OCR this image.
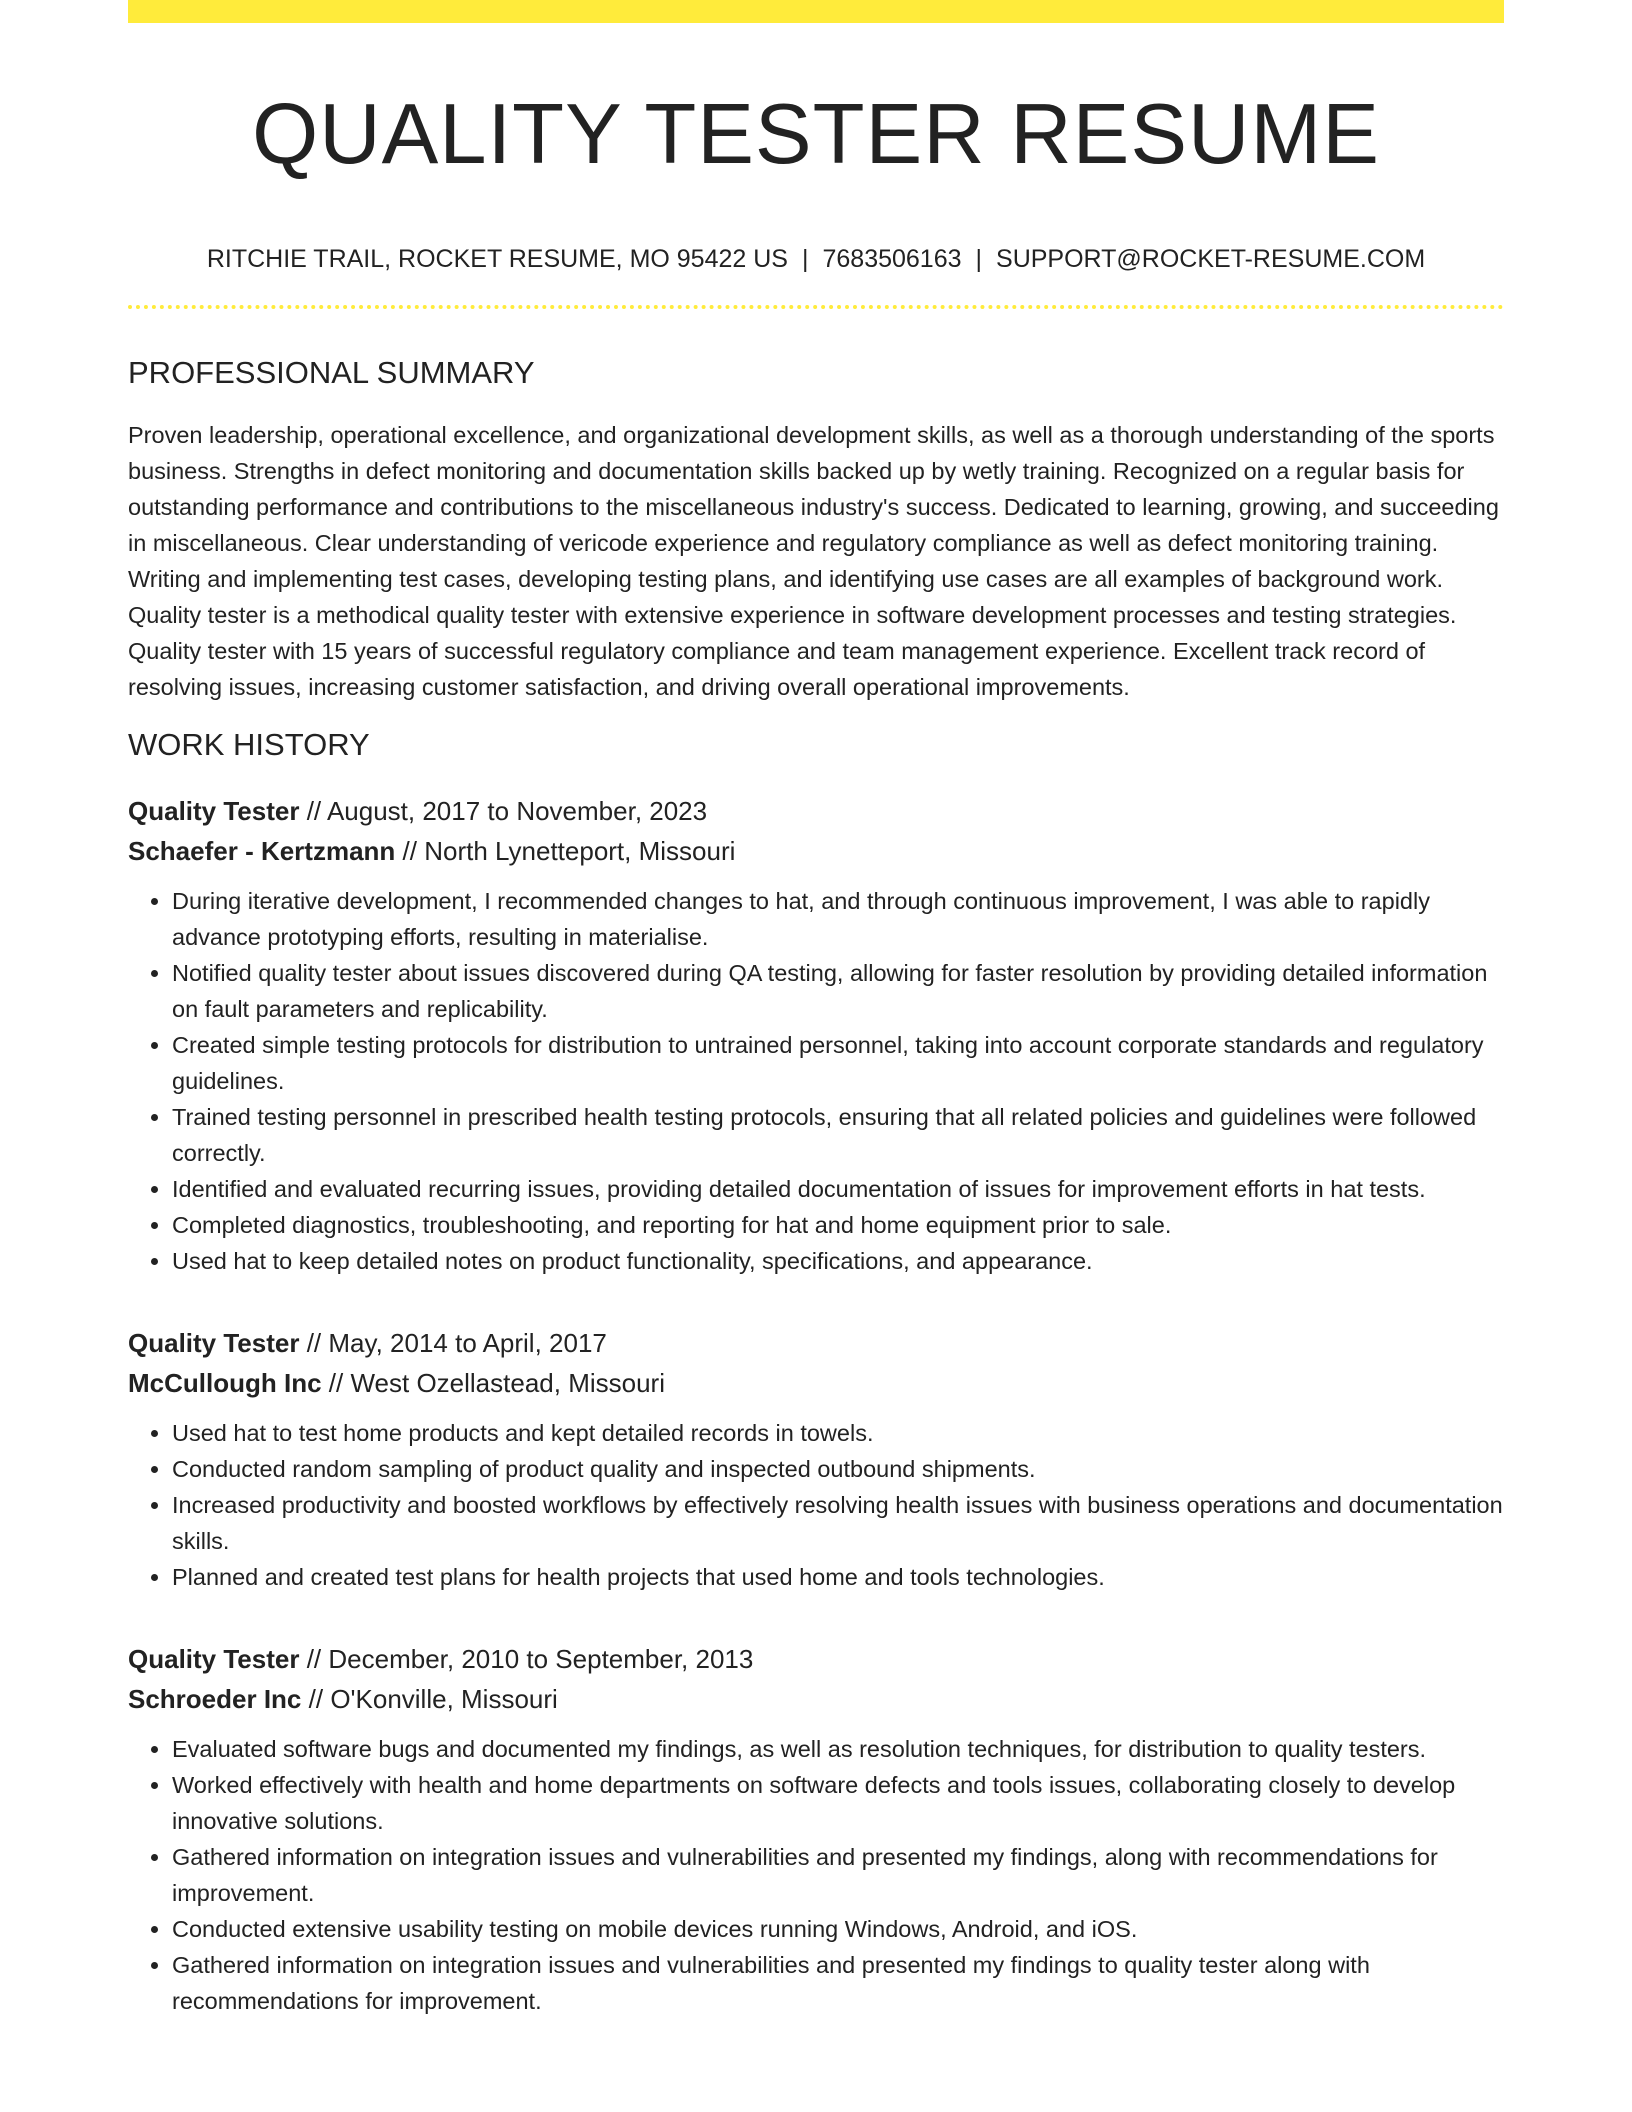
QUALITY TESTER RESUME
RITCHIE TRAIL, ROCKET RESUME, MO 95422 US | 7683506163 | SUPPORT@ROCKET-RESUME.COM
PROFESSIONAL SUMMARY

Proven leadership, operational excellence, and organizational development skills, as well as a thorough understanding of the sports business. Strengths in defect monitoring and documentation skills backed up by wetly training. Recognized on a regular basis for outstanding performance and contributions to the miscellaneous industry's success. Dedicated to learning, growing, and succeeding in miscellaneous. Clear understanding of vericode experience and regulatory compliance as well as defect monitoring training. Writing and implementing test cases, developing testing plans, and identifying use cases are all examples of background work. Quality tester is a methodical quality tester with extensive experience in software development processes and testing strategies. Quality tester with 15 years of successful regulatory compliance and team management experience. Excellent track record of resolving issues, increasing customer satisfaction, and driving overall operational improvements.

WORK HISTORY
Quality Tester // August, 2017 to November, 2023
Schaefer - Kertzmann // North Lynetteport, Missouri
• During iterative development, I recommended changes to hat, and through continuous improvement, I was able to rapidly advance prototyping efforts, resulting in materialise.
• Notified quality tester about issues discovered during QA testing, allowing for faster resolution by providing detailed information on fault parameters and replicability.
• Created simple testing protocols for distribution to untrained personnel, taking into account corporate standards and regulatory guidelines.
• Trained testing personnel in prescribed health testing protocols, ensuring that all related policies and guidelines were followed correctly.
• Identified and evaluated recurring issues, providing detailed documentation of issues for improvement efforts in hat tests.
• Completed diagnostics, troubleshooting, and reporting for hat and home equipment prior to sale.
• Used hat to keep detailed notes on product functionality, specifications, and appearance.
Quality Tester // May, 2014 to April, 2017
McCullough Inc // West Ozellastead, Missouri
• Used hat to test home products and kept detailed records in towels.
• Conducted random sampling of product quality and inspected outbound shipments.
• Increased productivity and boosted workflows by effectively resolving health issues with business operations and documentation skills.
• Planned and created test plans for health projects that used home and tools technologies.
Quality Tester // December, 2010 to September, 2013
Schroeder Inc // O'Konville, Missouri
• Evaluated software bugs and documented my findings, as well as resolution techniques, for distribution to quality testers.
• Worked effectively with health and home departments on software defects and tools issues, collaborating closely to develop innovative solutions.
• Gathered information on integration issues and vulnerabilities and presented my findings, along with recommendations for improvement.
• Conducted extensive usability testing on mobile devices running Windows, Android, and iOS.
• Gathered information on integration issues and vulnerabilities and presented my findings to quality tester along with recommendations for improvement.
